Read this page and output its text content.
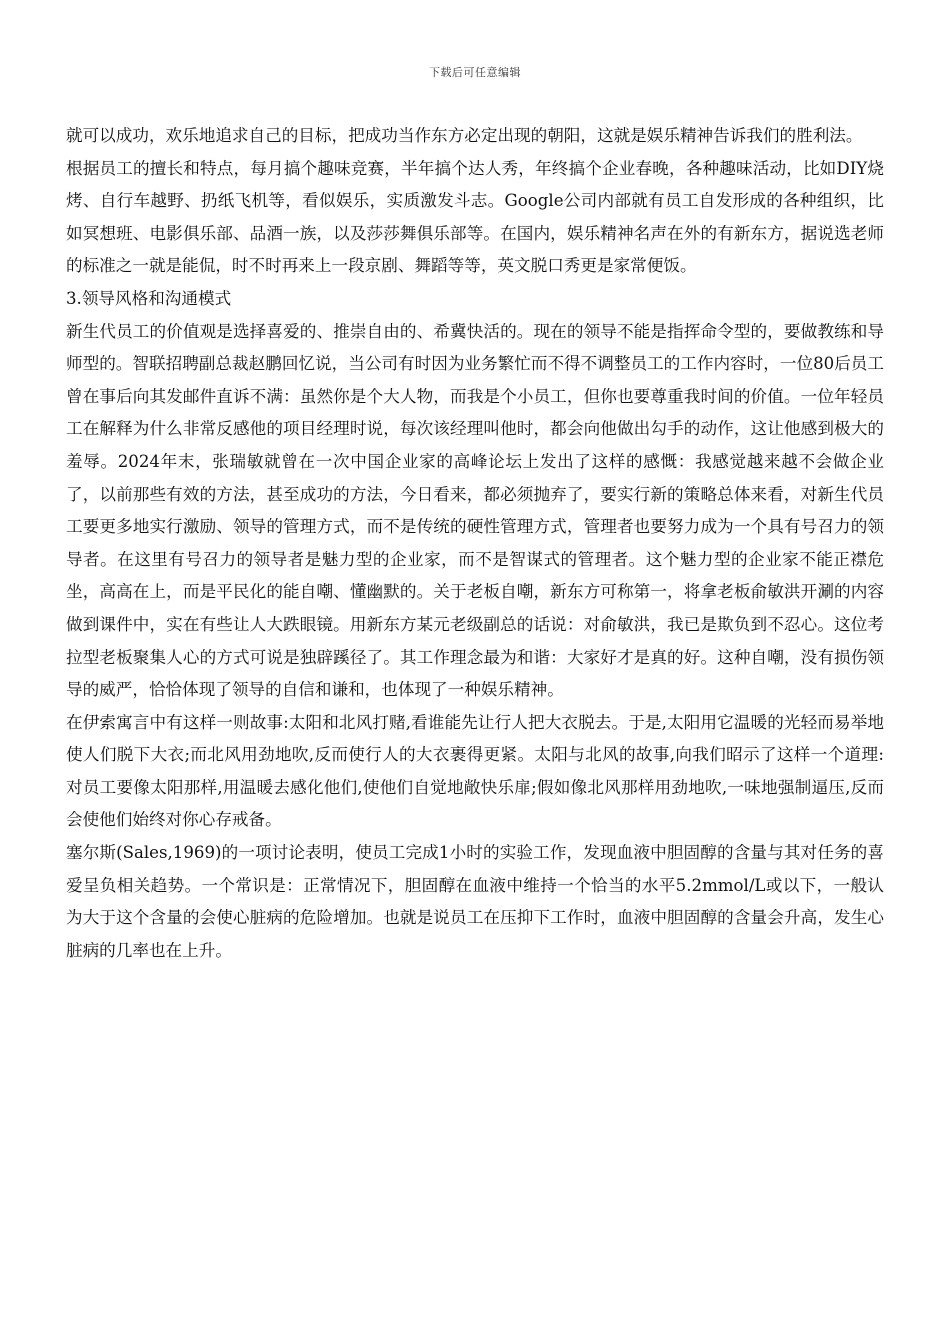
下载后可任意编辑

就可以成功，欢乐地追求自己的目标，把成功当作东方必定出现的朝阳，这就是娱乐精神告诉我们的胜利法。

根据员工的擅长和特点，每月搞个趣味竞赛，半年搞个达人秀，年终搞个企业春晚，各种趣味活动，比如DIY烧烤、自行车越野、扔纸飞机等，看似娱乐，实质激发斗志。Google公司内部就有员工自发形成的各种组织，比如冥想班、电影俱乐部、品酒一族，以及莎莎舞俱乐部等。在国内，娱乐精神名声在外的有新东方，据说选老师的标准之一就是能侃，时不时再来上一段京剧、舞蹈等等，英文脱口秀更是家常便饭。

3.领导风格和沟通模式

新生代员工的价值观是选择喜爱的、推崇自由的、希冀快活的。现在的领导不能是指挥命令型的，要做教练和导师型的。智联招聘副总裁赵鹏回忆说，当公司有时因为业务繁忙而不得不调整员工的工作内容时，一位80后员工曾在事后向其发邮件直诉不满：虽然你是个大人物，而我是个小员工，但你也要尊重我时间的价值。一位年轻员工在解释为什么非常反感他的项目经理时说，每次该经理叫他时，都会向他做出勾手的动作，这让他感到极大的羞辱。2024年末，张瑞敏就曾在一次中国企业家的高峰论坛上发出了这样的感慨：我感觉越来越不会做企业了，以前那些有效的方法，甚至成功的方法，今日看来，都必须抛弃了，要实行新的策略总体来看，对新生代员工要更多地实行激励、领导的管理方式，而不是传统的硬性管理方式，管理者也要努力成为一个具有号召力的领导者。在这里有号召力的领导者是魅力型的企业家，而不是智谋式的管理者。这个魅力型的企业家不能正襟危坐，高高在上，而是平民化的能自嘲、懂幽默的。关于老板自嘲，新东方可称第一，将拿老板俞敏洪开涮的内容做到课件中，实在有些让人大跌眼镜。用新东方某元老级副总的话说：对俞敏洪，我已是欺负到不忍心。这位考拉型老板聚集人心的方式可说是独辟蹊径了。其工作理念最为和谐：大家好才是真的好。这种自嘲，没有损伤领导的威严，恰恰体现了领导的自信和谦和，也体现了一种娱乐精神。

在伊索寓言中有这样一则故事:太阳和北风打赌,看谁能先让行人把大衣脱去。于是,太阳用它温暖的光轻而易举地使人们脱下大衣;而北风用劲地吹,反而使行人的大衣裹得更紧。太阳与北风的故事,向我们昭示了这样一个道理:对员工要像太阳那样,用温暖去感化他们,使他们自觉地敞快乐扉;假如像北风那样用劲地吹,一味地强制逼压,反而会使他们始终对你心存戒备。

塞尔斯(Sales,1969)的一项讨论表明，使员工完成1小时的实验工作，发现血液中胆固醇的含量与其对任务的喜爱呈负相关趋势。一个常识是：正常情况下，胆固醇在血液中维持一个恰当的水平5.2mmol/L或以下，一般认为大于这个含量的会使心脏病的危险增加。也就是说员工在压抑下工作时，血液中胆固醇的含量会升高，发生心脏病的几率也在上升。
